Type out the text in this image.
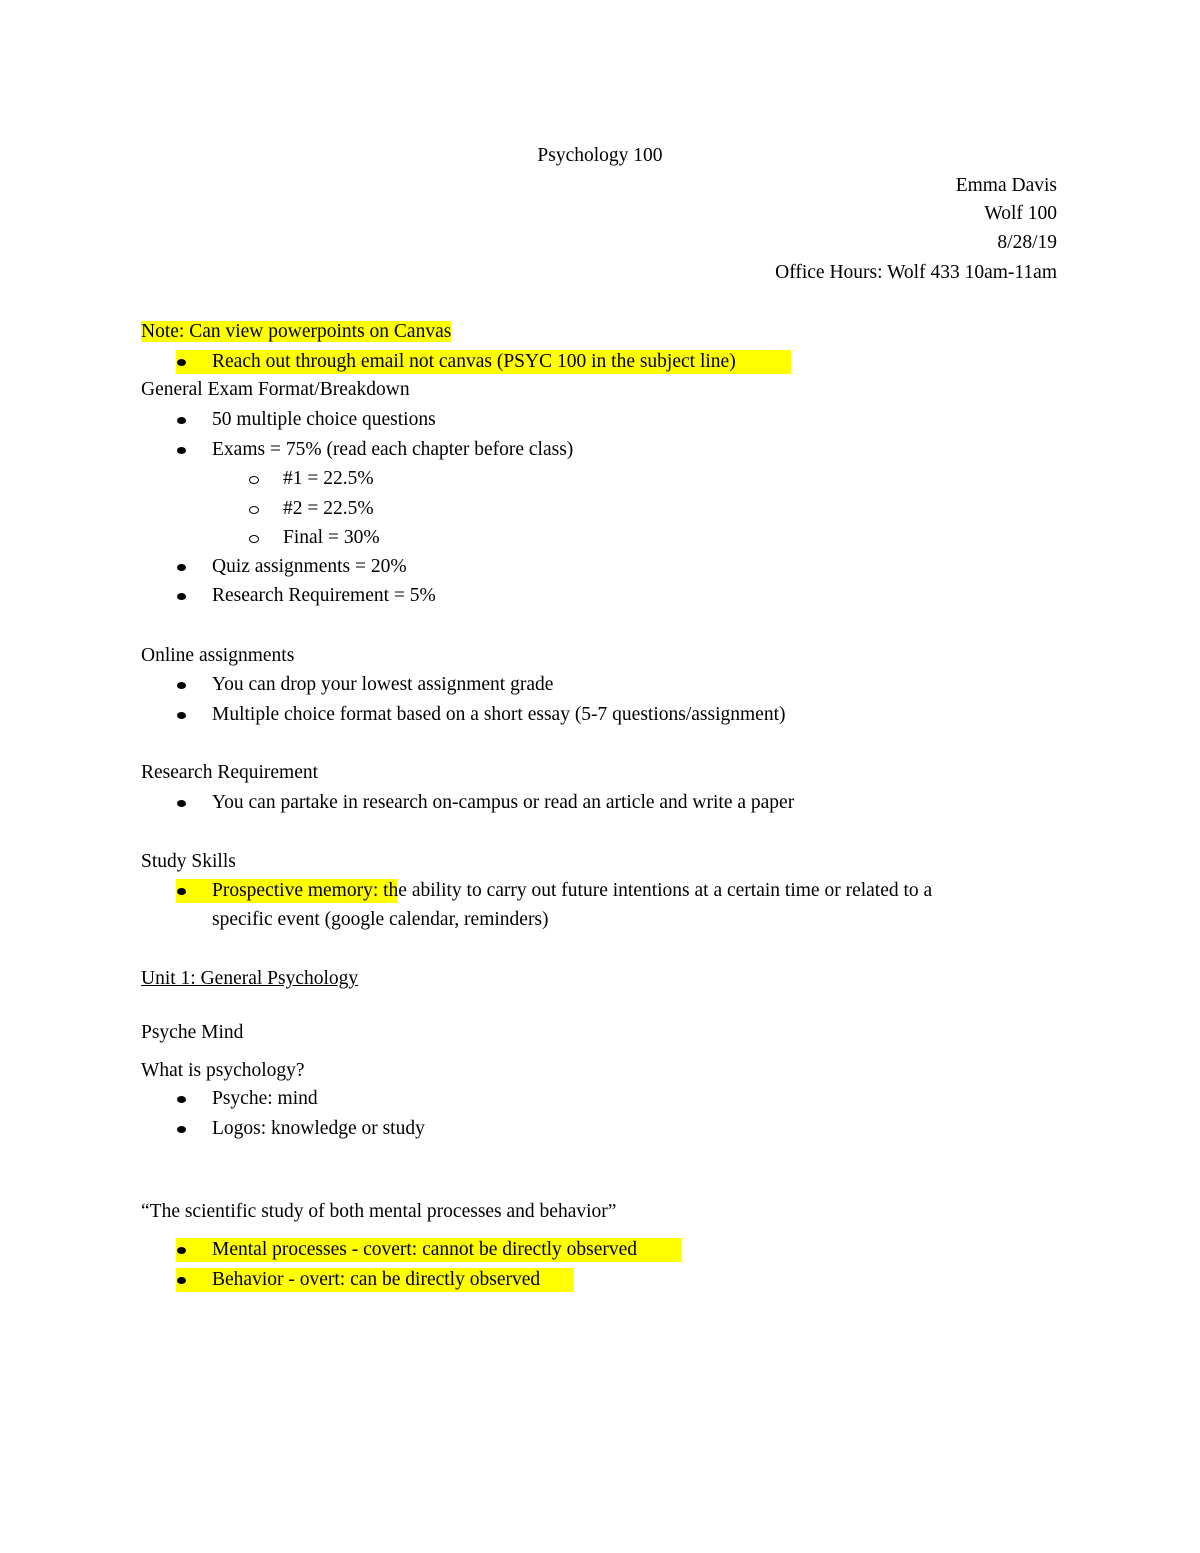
Psychology 100
Emma Davis
Wolf 100
8/28/19
Office Hours: Wolf 433 10am-11am
Note: Can view powerpoints on Canvas
Reach out through email not canvas (PSYC 100 in the subject line)
General Exam Format/Breakdown
50 multiple choice questions
Exams = 75% (read each chapter before class)
#1 = 22.5%
#2 = 22.5%
Final = 30%
Quiz assignments = 20%
Research Requirement = 5%
Online assignments
You can drop your lowest assignment grade
Multiple choice format based on a short essay (5-7 questions/assignment)
Research Requirement
You can partake in research on-campus or read an article and write a paper
Study Skills
Prospective memory: the ability to carry out future intentions at a certain time or related to a
specific event (google calendar, reminders)
Unit 1: General Psychology
Psyche Mind
What is psychology?
Psyche: mind
Logos: knowledge or study
“The scientific study of both mental processes and behavior”
Mental processes - covert: cannot be directly observed
Behavior - overt: can be directly observed
